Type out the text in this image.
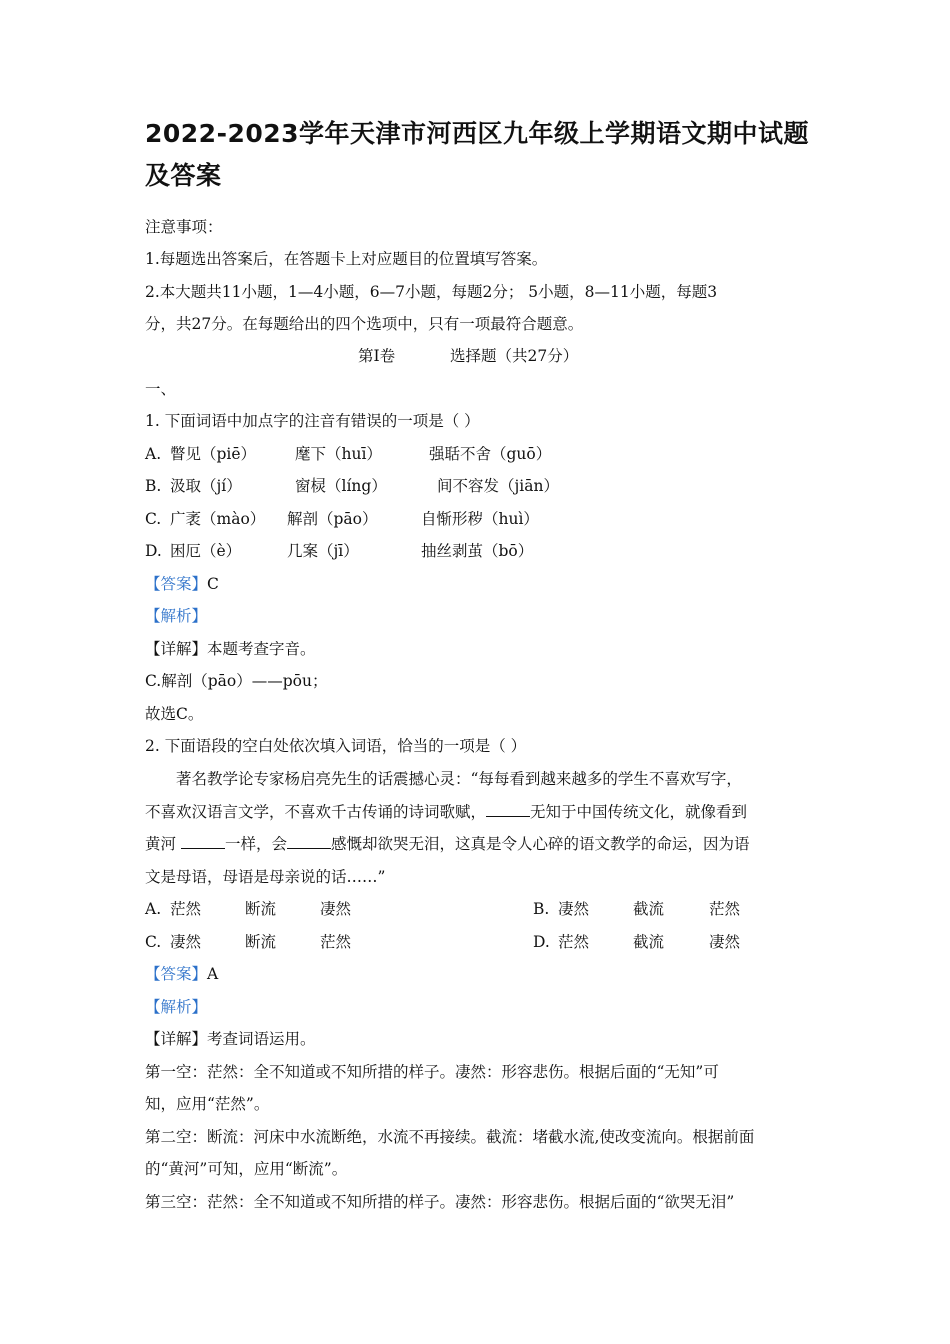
2022-2023学年天津市河西区九年级上学期语文期中试题及答案
注意事项：
1.每题选出答案后，在答题卡上对应题目的位置填写答案。
2.本大题共11小题，1—4小题，6—7小题，每题2分； 5小题，8—11小题，每题3
分，共27分。在每题给出的四个选项中，只有一项最符合题意。
第Ⅰ卷	选择题（共27分）
一、
1. 下面词语中加点字的注音有错误的一项是（ ）
A. 瞥见（piē）	麾下（huī）	强聒不舍（guō）
B. 汲取（jí）	窗棂（líng）	间不容发（jiān）
C. 广袤（mào） 解剖（pāo）	自惭形秽（huì）
D. 困厄（è）	几案（jī）	抽丝剥茧（bō）
【答案】C
【解析】
【详解】本题考查字音。
C.解剖（pāo）——pōu；
故选C。
2. 下面语段的空白处依次填入词语，恰当的一项是（ ）
著名教学论专家杨启亮先生的话震撼心灵：“每每看到越来越多的学生不喜欢写字，
不喜欢汉语言文学，不喜欢千古传诵的诗词歌赋，	无知于中国传统文化，就像看到
黄河	一样，会	感慨却欲哭无泪，这真是令人心碎的语文教学的命运，因为语
文是母语，母语是母亲说的话……”
A. 茫然	断流	凄然	B. 凄然	截流	茫然
C. 凄然	断流	茫然	D. 茫然	截流	凄然
【答案】A
【解析】
【详解】考查词语运用。
第一空：茫然：全不知道或不知所措的样子。凄然：形容悲伤。根据后面的“无知”可
知，应用“茫然”。
第二空：断流：河床中水流断绝，水流不再接续。截流：堵截水流,使改变流向。根据前面
的“黄河”可知，应用“断流”。
第三空：茫然：全不知道或不知所措的样子。凄然：形容悲伤。根据后面的“欲哭无泪”
